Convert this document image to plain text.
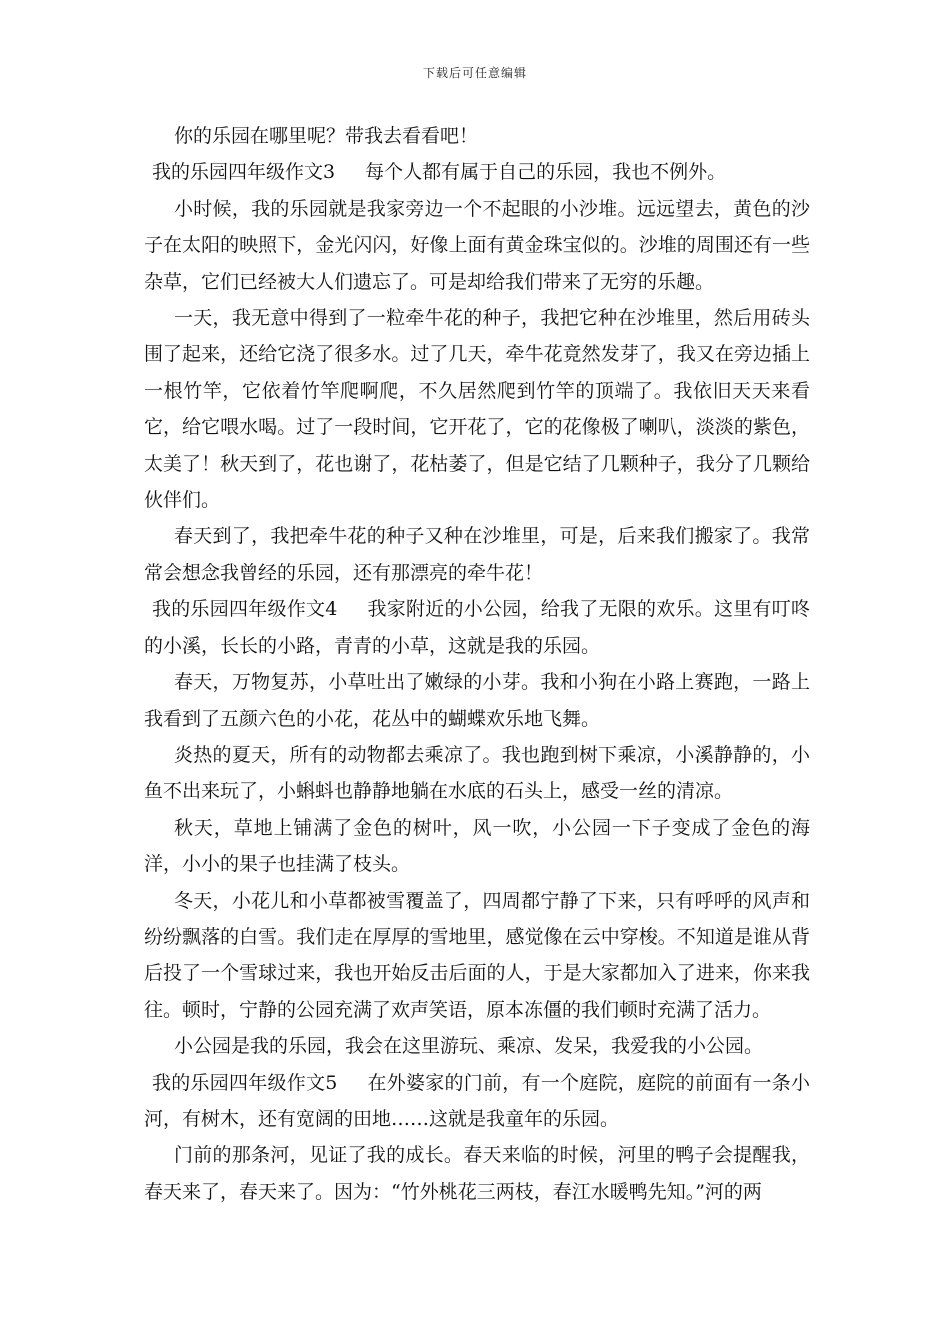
下载后可任意编辑

你的乐园在哪里呢？带我去看看吧！

我的乐园四年级作文3 每个人都有属于自己的乐园，我也不例外。

小时候，我的乐园就是我家旁边一个不起眼的小沙堆。远远望去，黄色的沙子在太阳的映照下，金光闪闪，好像上面有黄金珠宝似的。沙堆的周围还有一些杂草，它们已经被大人们遗忘了。可是却给我们带来了无穷的乐趣。

一天，我无意中得到了一粒牵牛花的种子，我把它种在沙堆里，然后用砖头围了起来，还给它浇了很多水。过了几天，牵牛花竟然发芽了，我又在旁边插上一根竹竿，它依着竹竿爬啊爬，不久居然爬到竹竿的顶端了。我依旧天天来看它，给它喂水喝。过了一段时间，它开花了，它的花像极了喇叭，淡淡的紫色，太美了！秋天到了，花也谢了，花枯萎了，但是它结了几颗种子，我分了几颗给伙伴们。

春天到了，我把牵牛花的种子又种在沙堆里，可是，后来我们搬家了。我常常会想念我曾经的乐园，还有那漂亮的牵牛花！

我的乐园四年级作文4 我家附近的小公园，给我了无限的欢乐。这里有叮咚的小溪，长长的小路，青青的小草，这就是我的乐园。

春天，万物复苏，小草吐出了嫩绿的小芽。我和小狗在小路上赛跑，一路上我看到了五颜六色的小花，花丛中的蝴蝶欢乐地飞舞。

炎热的夏天，所有的动物都去乘凉了。我也跑到树下乘凉，小溪静静的，小鱼不出来玩了，小蝌蚪也静静地躺在水底的石头上，感受一丝的清凉。

秋天，草地上铺满了金色的树叶，风一吹，小公园一下子变成了金色的海洋，小小的果子也挂满了枝头。

冬天，小花儿和小草都被雪覆盖了，四周都宁静了下来，只有呼呼的风声和纷纷飘落的白雪。我们走在厚厚的雪地里，感觉像在云中穿梭。不知道是谁从背后投了一个雪球过来，我也开始反击后面的人，于是大家都加入了进来，你来我往。顿时，宁静的公园充满了欢声笑语，原本冻僵的我们顿时充满了活力。

小公园是我的乐园，我会在这里游玩、乘凉、发呆，我爱我的小公园。

我的乐园四年级作文5 在外婆家的门前，有一个庭院，庭院的前面有一条小河，有树木，还有宽阔的田地……这就是我童年的乐园。

门前的那条河，见证了我的成长。春天来临的时候，河里的鸭子会提醒我，春天来了，春天来了。因为：“竹外桃花三两枝，春江水暖鸭先知。”河的两
